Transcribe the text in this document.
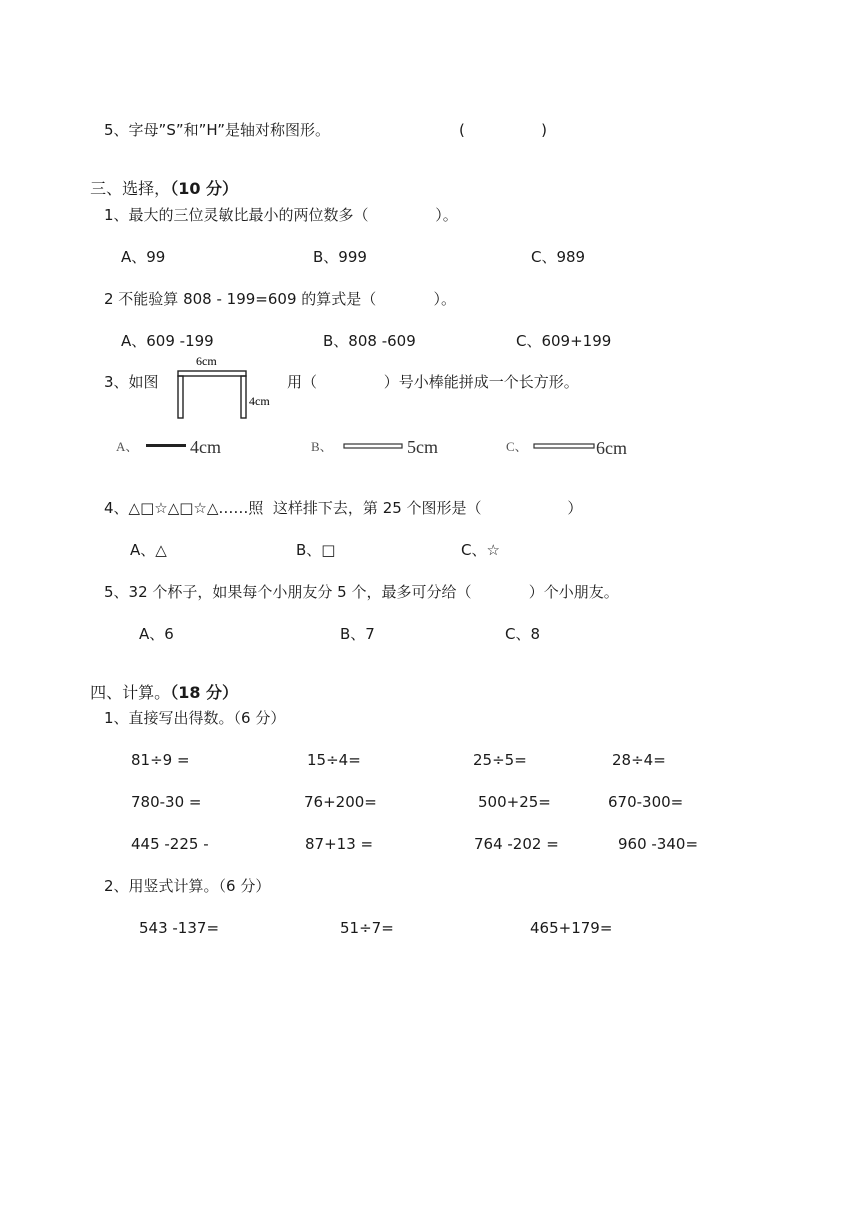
5、字母”S”和”H”是轴对称图形。	(                )

三、选择，（10 分）

1、最大的三位灵敏比最小的两位数多（              ）。
A、99	B、999	C、989
2 不能验算 808 - 199=609 的算式是（            ）。
A、609 -199	B、808 -609	C、609+199
3、如图
6cm
4cm
用（              ）号小棒能拼成一个长方形。
A、	4cm	B、	5cm	C、	6cm
4、△□☆△□☆△……照  这样排下去，第 25 个图形是（                  ）
A、△	B、□	C、☆
5、32 个杯子，如果每个小朋友分 5 个，最多可分给（            ）个小朋友。
A、6	B、7	C、8

四、计算。（18 分）

1、直接写出得数。（6 分）
81÷9 =	15÷4=	25÷5=	28÷4=
780-30 =	76+200=	500+25=	670-300=
445 -225 -	87+13 =	764 -202 =	960 -340=
2、用竖式计算。（6 分）
543 -137=	51÷7=	465+179=
